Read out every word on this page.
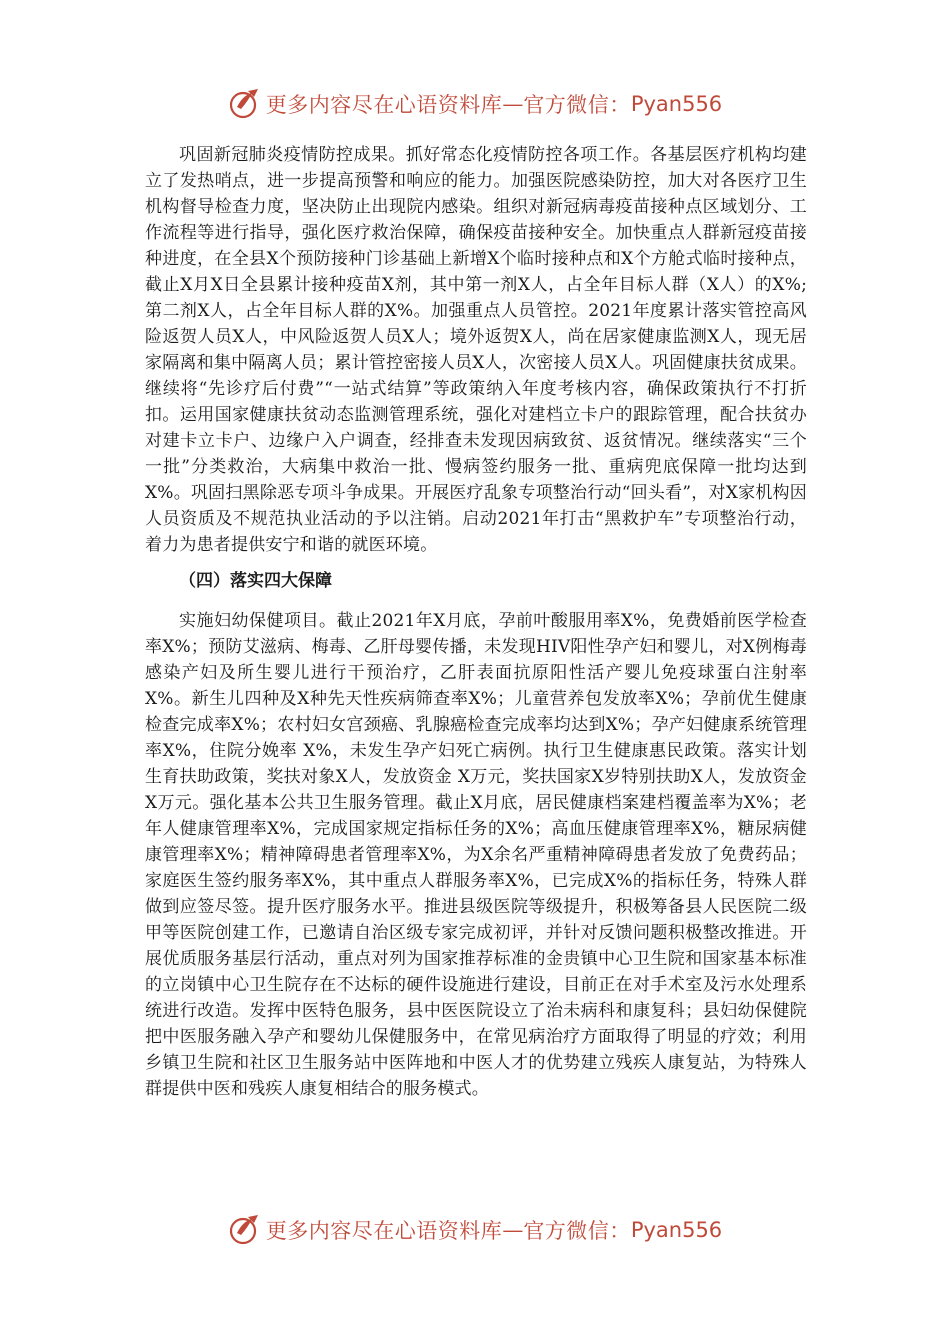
更多内容尽在心语资料库 — 官方微信： Pyan556

巩固新冠肺炎疫情防控成果。抓好常态化疫情防控各项工作。各基层医疗机构均建立了发热哨点，进一步提高预警和响应的能力。加强医院感染防控，加大对各医疗卫生机构督导检查力度，坚决防止出现院内感染。组织对新冠病毒疫苗接种点区域划分、工作流程等进行指导，强化医疗救治保障，确保疫苗接种安全。加快重点人群新冠疫苗接种进度，在全县X个预防接种门诊基础上新增X个临时接种点和X个方舱式临时接种点，截止X月X日全县累计接种疫苗X剂，其中第一剂X人，占全年目标人群（X人）的X%;第二剂X人，占全年目标人群的X%。加强重点人员管控。2021年度累计落实管控高风险返贺人员X人，中风险返贺人员X人；境外返贺X人，尚在居家健康监测X人，现无居家隔离和集中隔离人员；累计管控密接人员X人，次密接人员X人。巩固健康扶贫成果。继续将“先诊疗后付费”“一站式结算”等政策纳入年度考核内容，确保政策执行不打折扣。运用国家健康扶贫动态监测管理系统，强化对建档立卡户的跟踪管理，配合扶贫办对建卡立卡户、边缘户入户调查，经排查未发现因病致贫、返贫情况。继续落实“三个一批”分类救治，大病集中救治一批、慢病签约服务一批、重病兜底保障一批均达到X%。巩固扫黑除恶专项斗争成果。开展医疗乱象专项整治行动“回头看”，对X家机构因人员资质及不规范执业活动的予以注销。启动2021年打击“黑救护车”专项整治行动，着力为患者提供安宁和谐的就医环境。

（四）落实四大保障

实施妇幼保健项目。截止2021年X月底，孕前叶酸服用率X%，免费婚前医学检查率X%；预防艾滋病、梅毒、乙肝母婴传播，未发现HIV阳性孕产妇和婴儿，对X例梅毒感染产妇及所生婴儿进行干预治疗，乙肝表面抗原阳性活产婴儿免疫球蛋白注射率X%。新生儿四种及X种先天性疾病筛查率X%；儿童营养包发放率X%；孕前优生健康检查完成率X%；农村妇女宫颈癌、乳腺癌检查完成率均达到X%；孕产妇健康系统管理率X%，住院分娩率 X%，未发生孕产妇死亡病例。执行卫生健康惠民政策。落实计划生育扶助政策，奖扶对象X人，发放资金 X万元，奖扶国家X岁特别扶助X人，发放资金X万元。强化基本公共卫生服务管理。截止X月底，居民健康档案建档覆盖率为X%；老年人健康管理率X%，完成国家规定指标任务的X%；高血压健康管理率X%，糖尿病健康管理率X%；精神障碍患者管理率X%，为X余名严重精神障碍患者发放了免费药品；家庭医生签约服务率X%，其中重点人群服务率X%，已完成X%的指标任务，特殊人群做到应签尽签。提升医疗服务水平。推进县级医院等级提升，积极筹备县人民医院二级甲等医院创建工作，已邀请自治区级专家完成初评，并针对反馈问题积极整改推进。开展优质服务基层行活动，重点对列为国家推荐标准的金贵镇中心卫生院和国家基本标准的立岗镇中心卫生院存在不达标的硬件设施进行建设，目前正在对手术室及污水处理系统进行改造。发挥中医特色服务，县中医医院设立了治未病科和康复科；县妇幼保健院把中医服务融入孕产和婴幼儿保健服务中，在常见病治疗方面取得了明显的疗效；利用乡镇卫生院和社区卫生服务站中医阵地和中医人才的优势建立残疾人康复站，为特殊人群提供中医和残疾人康复相结合的服务模式。

更多内容尽在心语资料库 — 官方微信： Pyan556
